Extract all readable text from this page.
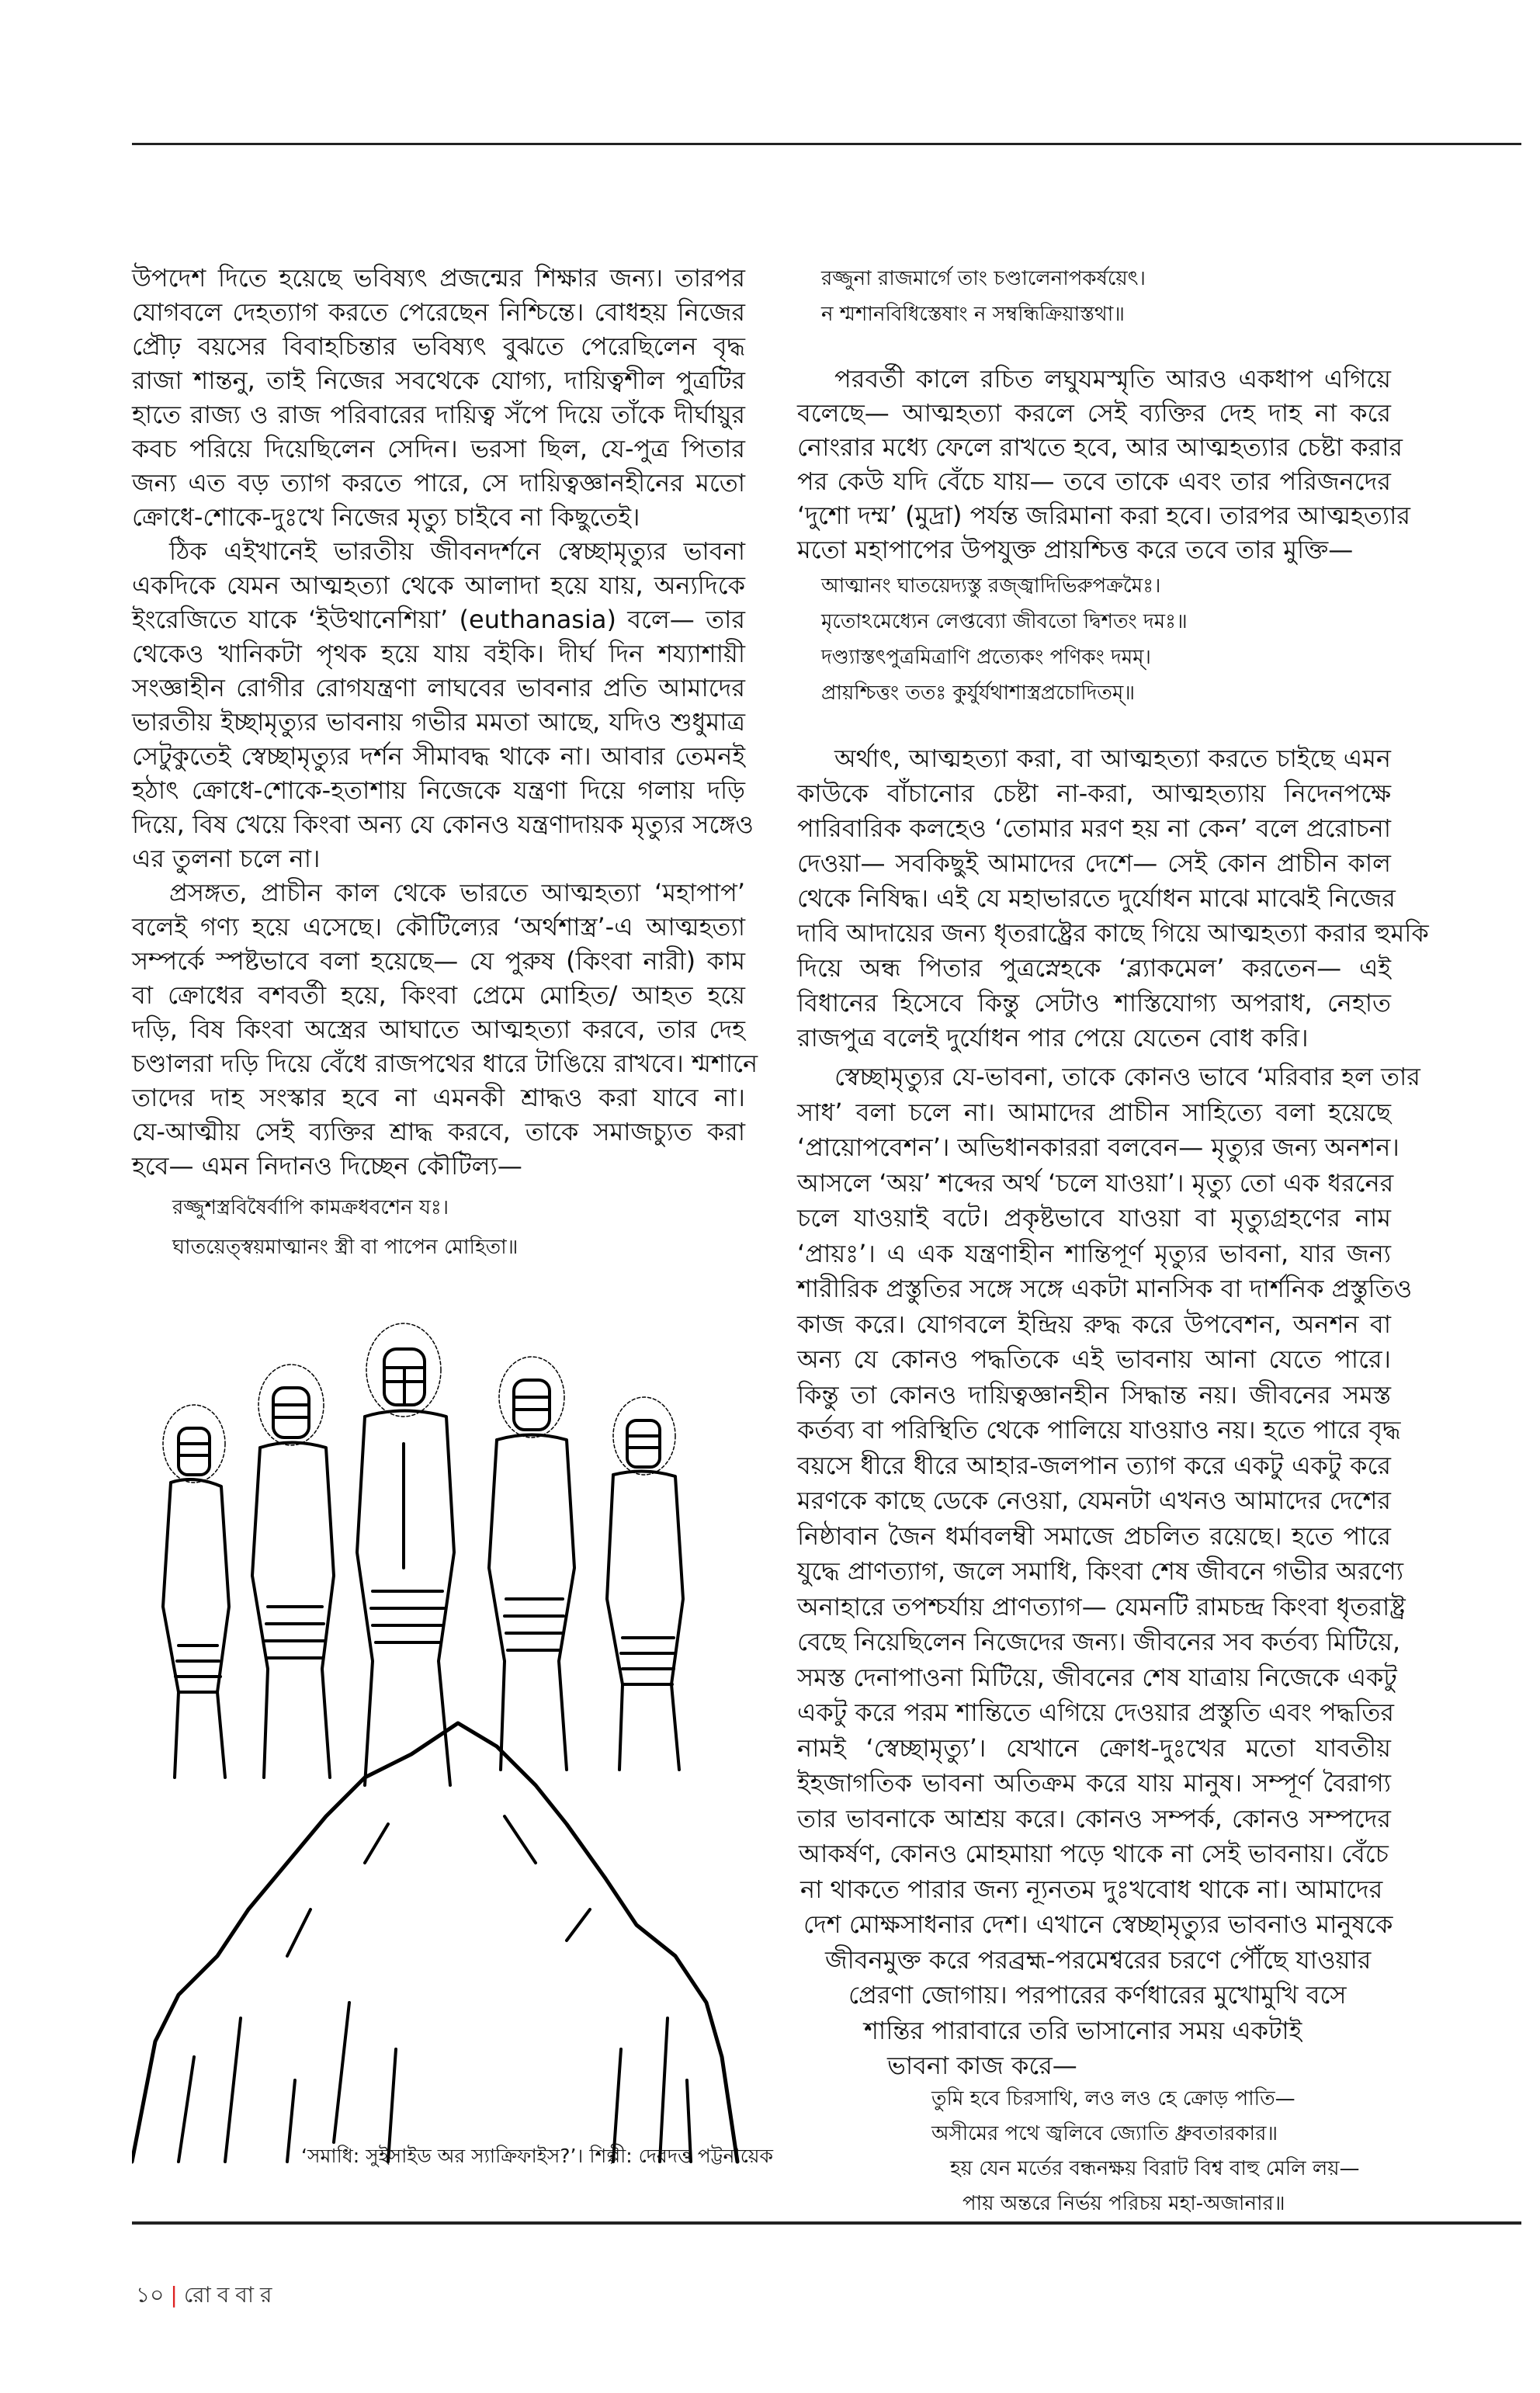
উপদেশ দিতে হয়েছে ভবিষ্যৎ প্রজন্মের শিক্ষার জন্য। তারপর
যোগবলে দেহত্যাগ করতে পেরেছেন নিশ্চিন্তে। বোধহয় নিজের
প্রৌঢ় বয়সের বিবাহচিন্তার ভবিষ্যৎ বুঝতে পেরেছিলেন বৃদ্ধ
রাজা শান্তনু, তাই নিজের সবথেকে যোগ্য, দায়িত্বশীল পুত্রটির
হাতে রাজ্য ও রাজ পরিবারের দায়িত্ব সঁপে দিয়ে তাঁকে দীর্ঘায়ুর
কবচ পরিয়ে দিয়েছিলেন সেদিন। ভরসা ছিল, যে-পুত্র পিতার
জন্য এত বড় ত্যাগ করতে পারে, সে দায়িত্বজ্ঞানহীনের মতো
ক্রোধে-শোকে-দুঃখে নিজের মৃত্যু চাইবে না কিছুতেই।
ঠিক এইখানেই ভারতীয় জীবনদর্শনে স্বেচ্ছামৃত্যুর ভাবনা
একদিকে যেমন আত্মহত্যা থেকে আলাদা হয়ে যায়, অন্যদিকে
ইংরেজিতে যাকে ‘ইউথানেশিয়া’ (euthanasia) বলে— তার
থেকেও খানিকটা পৃথক হয়ে যায় বইকি। দীর্ঘ দিন শয্যাশায়ী
সংজ্ঞাহীন রোগীর রোগযন্ত্রণা লাঘবের ভাবনার প্রতি আমাদের
ভারতীয় ইচ্ছামৃত্যুর ভাবনায় গভীর মমতা আছে, যদিও শুধুমাত্র
সেটুকুতেই স্বেচ্ছামৃত্যুর দর্শন সীমাবদ্ধ থাকে না। আবার তেমনই
হঠাৎ ক্রোধে-শোকে-হতাশায় নিজেকে যন্ত্রণা দিয়ে গলায় দড়ি
দিয়ে, বিষ খেয়ে কিংবা অন্য যে কোনও যন্ত্রণাদায়ক মৃত্যুর সঙ্গেও
এর তুলনা চলে না।
প্রসঙ্গত, প্রাচীন কাল থেকে ভারতে আত্মহত্যা ‘মহাপাপ’
বলেই গণ্য হয়ে এসেছে। কৌটিল্যের ‘অর্থশাস্ত্র’-এ আত্মহত্যা
সম্পর্কে স্পষ্টভাবে বলা হয়েছে— যে পুরুষ (কিংবা নারী) কাম
বা ক্রোধের বশবর্তী হয়ে, কিংবা প্রেমে মোহিত/ আহত হয়ে
দড়ি, বিষ কিংবা অস্ত্রের আঘাতে আত্মহত্যা করবে, তার দেহ
চণ্ডালরা দড়ি দিয়ে বেঁধে রাজপথের ধারে টাঙিয়ে রাখবে। শ্মশানে
তাদের দাহ সংস্কার হবে না এমনকী শ্রাদ্ধও করা যাবে না।
যে-আত্মীয় সেই ব্যক্তির শ্রাদ্ধ করবে, তাকে সমাজচ্যুত করা
হবে— এমন নিদানও দিচ্ছেন কৌটিল্য—
রজ্জুশস্ত্রবিষৈর্বাপি কামক্রধবশেন যঃ।
ঘাতয়েত্স্বয়মাত্মানং স্ত্রী বা পাপেন মোহিতা॥
রজ্জুনা রাজমার্গে তাং চণ্ডালেনাপকর্ষয়েৎ।
ন শ্মশানবিধিস্তেষাং ন সম্বন্ধিক্রিয়াস্তথা॥
পরবর্তী কালে রচিত লঘুযমস্মৃতি আরও একধাপ এগিয়ে
বলেছে— আত্মহত্যা করলে সেই ব্যক্তির দেহ দাহ না করে
নোংরার মধ্যে ফেলে রাখতে হবে, আর আত্মহত্যার চেষ্টা করার
পর কেউ যদি বেঁচে যায়— তবে তাকে এবং তার পরিজনদের
‘দুশো দম্ম’ (মুদ্রা) পর্যন্ত জরিমানা করা হবে। তারপর আত্মহত্যার
মতো মহাপাপের উপযুক্ত প্রায়শ্চিত্ত করে তবে তার মুক্তি—
আত্মানং ঘাতয়েদ্যস্তু রজ্জ্বাদিভিরুপক্রমৈঃ।
মৃতোঽমেধ্যেন লেপ্তব্যো জীবতো দ্বিশতং দমঃ॥
দণ্ড্যাস্তৎপুত্রমিত্রাণি প্রত্যেকং পণিকং দমম্।
প্রায়শ্চিত্তং ততঃ কুর্যুর্যথাশাস্ত্রপ্রচোদিতম্॥
অর্থাৎ, আত্মহত্যা করা, বা আত্মহত্যা করতে চাইছে এমন
কাউকে বাঁচানোর চেষ্টা না-করা, আত্মহত্যায় নিদেনপক্ষে
পারিবারিক কলহেও ‘তোমার মরণ হয় না কেন’ বলে প্ররোচনা
দেওয়া— সবকিছুই আমাদের দেশে— সেই কোন প্রাচীন কাল
থেকে নিষিদ্ধ। এই যে মহাভারতে দুর্যোধন মাঝে মাঝেই নিজের
দাবি আদায়ের জন্য ধৃতরাষ্ট্রের কাছে গিয়ে আত্মহত্যা করার হুমকি
দিয়ে অন্ধ পিতার পুত্রস্নেহকে ‘ব্ল্যাকমেল’ করতেন— এই
বিধানের হিসেবে কিন্তু সেটাও শাস্তিযোগ্য অপরাধ, নেহাত
রাজপুত্র বলেই দুর্যোধন পার পেয়ে যেতেন বোধ করি।
স্বেচ্ছামৃত্যুর যে-ভাবনা, তাকে কোনও ভাবে ‘মরিবার হল তার
সাধ’ বলা চলে না। আমাদের প্রাচীন সাহিত্যে বলা হয়েছে
‘প্রায়োপবেশন’। অভিধানকাররা বলবেন— মৃত্যুর জন্য অনশন।
আসলে ‘অয়’ শব্দের অর্থ ‘চলে যাওয়া’। মৃত্যু তো এক ধরনের
চলে যাওয়াই বটে। প্রকৃষ্টভাবে যাওয়া বা মৃত্যুগ্রহণের নাম
‘প্রায়ঃ’। এ এক যন্ত্রণাহীন শান্তিপূর্ণ মৃত্যুর ভাবনা, যার জন্য
শারীরিক প্রস্তুতির সঙ্গে সঙ্গে একটা মানসিক বা দার্শনিক প্রস্তুতিও
কাজ করে। যোগবলে ইন্দ্রিয় রুদ্ধ করে উপবেশন, অনশন বা
অন্য যে কোনও পদ্ধতিকে এই ভাবনায় আনা যেতে পারে।
কিন্তু তা কোনও দায়িত্বজ্ঞানহীন সিদ্ধান্ত নয়। জীবনের সমস্ত
কর্তব্য বা পরিস্থিতি থেকে পালিয়ে যাওয়াও নয়। হতে পারে বৃদ্ধ
বয়সে ধীরে ধীরে আহার-জলপান ত্যাগ করে একটু একটু করে
মরণকে কাছে ডেকে নেওয়া, যেমনটা এখনও আমাদের দেশের
নিষ্ঠাবান জৈন ধর্মাবলম্বী সমাজে প্রচলিত রয়েছে। হতে পারে
যুদ্ধে প্রাণত্যাগ, জলে সমাধি, কিংবা শেষ জীবনে গভীর অরণ্যে
অনাহারে তপশ্চর্যায় প্রাণত্যাগ— যেমনটি রামচন্দ্র কিংবা ধৃতরাষ্ট্র
বেছে নিয়েছিলেন নিজেদের জন্য। জীবনের সব কর্তব্য মিটিয়ে,
সমস্ত দেনাপাওনা মিটিয়ে, জীবনের শেষ যাত্রায় নিজেকে একটু
একটু করে পরম শান্তিতে এগিয়ে দেওয়ার প্রস্তুতি এবং পদ্ধতির
নামই ‘স্বেচ্ছামৃত্যু’। যেখানে ক্রোধ-দুঃখের মতো যাবতীয়
ইহজাগতিক ভাবনা অতিক্রম করে যায় মানুষ। সম্পূর্ণ বৈরাগ্য
তার ভাবনাকে আশ্রয় করে। কোনও সম্পর্ক, কোনও সম্পদের
আকর্ষণ, কোনও মোহমায়া পড়ে থাকে না সেই ভাবনায়। বেঁচে
না থাকতে পারার জন্য ন্যূনতম দুঃখবোধ থাকে না। আমাদের
দেশ মোক্ষসাধনার দেশ। এখানে স্বেচ্ছামৃত্যুর ভাবনাও মানুষকে
জীবনমুক্ত করে পরব্রহ্ম-পরমেশ্বরের চরণে পৌঁছে যাওয়ার
প্রেরণা জোগায়। পরপারের কর্ণধারের মুখোমুখি বসে
শান্তির পারাবারে তরি ভাসানোর সময় একটাই
ভাবনা কাজ করে—
তুমি হবে চিরসাথি, লও লও হে ক্রোড় পাতি—
অসীমের পথে জ্বলিবে জ্যোতি ধ্রুবতারকার॥
হয় যেন মর্তের বন্ধনক্ষয় বিরাট বিশ্ব বাহু মেলি লয়—
পায় অন্তরে নির্ভয় পরিচয় মহা-অজানার॥
‘সমাধি: সুইসাইড অর স্যাক্রিফাইস?’। শিল্পী: দেবদত্ত পট্টনায়েক
১০ | রোববার
